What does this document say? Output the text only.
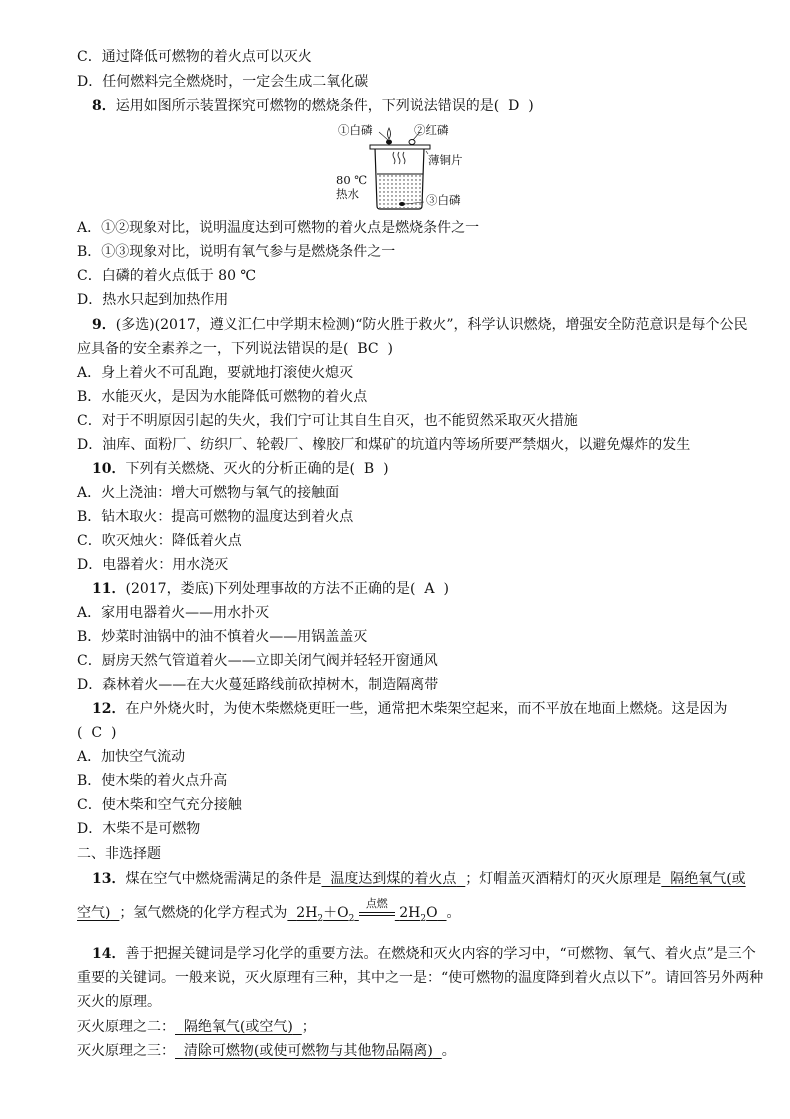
C．通过降低可燃物的着火点可以灭火
D．任何燃料完全燃烧时，一定会生成二氧化碳
8．运用如图所示装置探究可燃物的燃烧条件，下列说法错误的是( D )
①白磷	②红磷
薄铜片
80 ℃
热水	③白磷
A．①②现象对比，说明温度达到可燃物的着火点是燃烧条件之一
B．①③现象对比，说明有氧气参与是燃烧条件之一
C．白磷的着火点低于 80 ℃
D．热水只起到加热作用
9．(多选)(2017，遵义汇仁中学期末检测)“防火胜于救火”，科学认识燃烧，增强安全防范意识是每个公民
应具备的安全素养之一，下列说法错误的是( BC )
A．身上着火不可乱跑，要就地打滚使火熄灭
B．水能灭火，是因为水能降低可燃物的着火点
C．对于不明原因引起的失火，我们宁可让其自生自灭，也不能贸然采取灭火措施
D．油库、面粉厂、纺织厂、轮毂厂、橡胶厂和煤矿的坑道内等场所要严禁烟火，以避免爆炸的发生
10．下列有关燃烧、灭火的分析正确的是( B )
A．火上浇油：增大可燃物与氧气的接触面
B．钻木取火：提高可燃物的温度达到着火点
C．吹灭烛火：降低着火点
D．电器着火：用水浇灭
11．(2017，娄底)下列处理事故的方法不正确的是( A )
A．家用电器着火——用水扑灭
B．炒菜时油锅中的油不慎着火——用锅盖盖灭
C．厨房天然气管道着火——立即关闭气阀并轻轻开窗通风
D．森林着火——在大火蔓延路线前砍掉树木，制造隔离带
12．在户外烧火时，为使木柴燃烧更旺一些，通常把木柴架空起来，而不平放在地面上燃烧。这是因为
( C )
A．加快空气流动
B．使木柴的着火点升高
C．使木柴和空气充分接触
D．木柴不是可燃物
二、非选择题
13．煤在空气中燃烧需满足的条件是 温度达到煤的着火点 ；灯帽盖灭酒精灯的灭火原理是 隔绝氧气(或
空气) ；氢气燃烧的化学方程式为 $2H_2+O_2$
点燃
$2H_2O$ 。
14．善于把握关键词是学习化学的重要方法。在燃烧和灭火内容的学习中，“可燃物、氧气、着火点”是三个
重要的关键词。一般来说，灭火原理有三种，其中之一是：“使可燃物的温度降到着火点以下”。请回答另外两种
灭火的原理。
灭火原理之二： 隔绝氧气(或空气) ；
灭火原理之三： 清除可燃物(或使可燃物与其他物品隔离) 。
